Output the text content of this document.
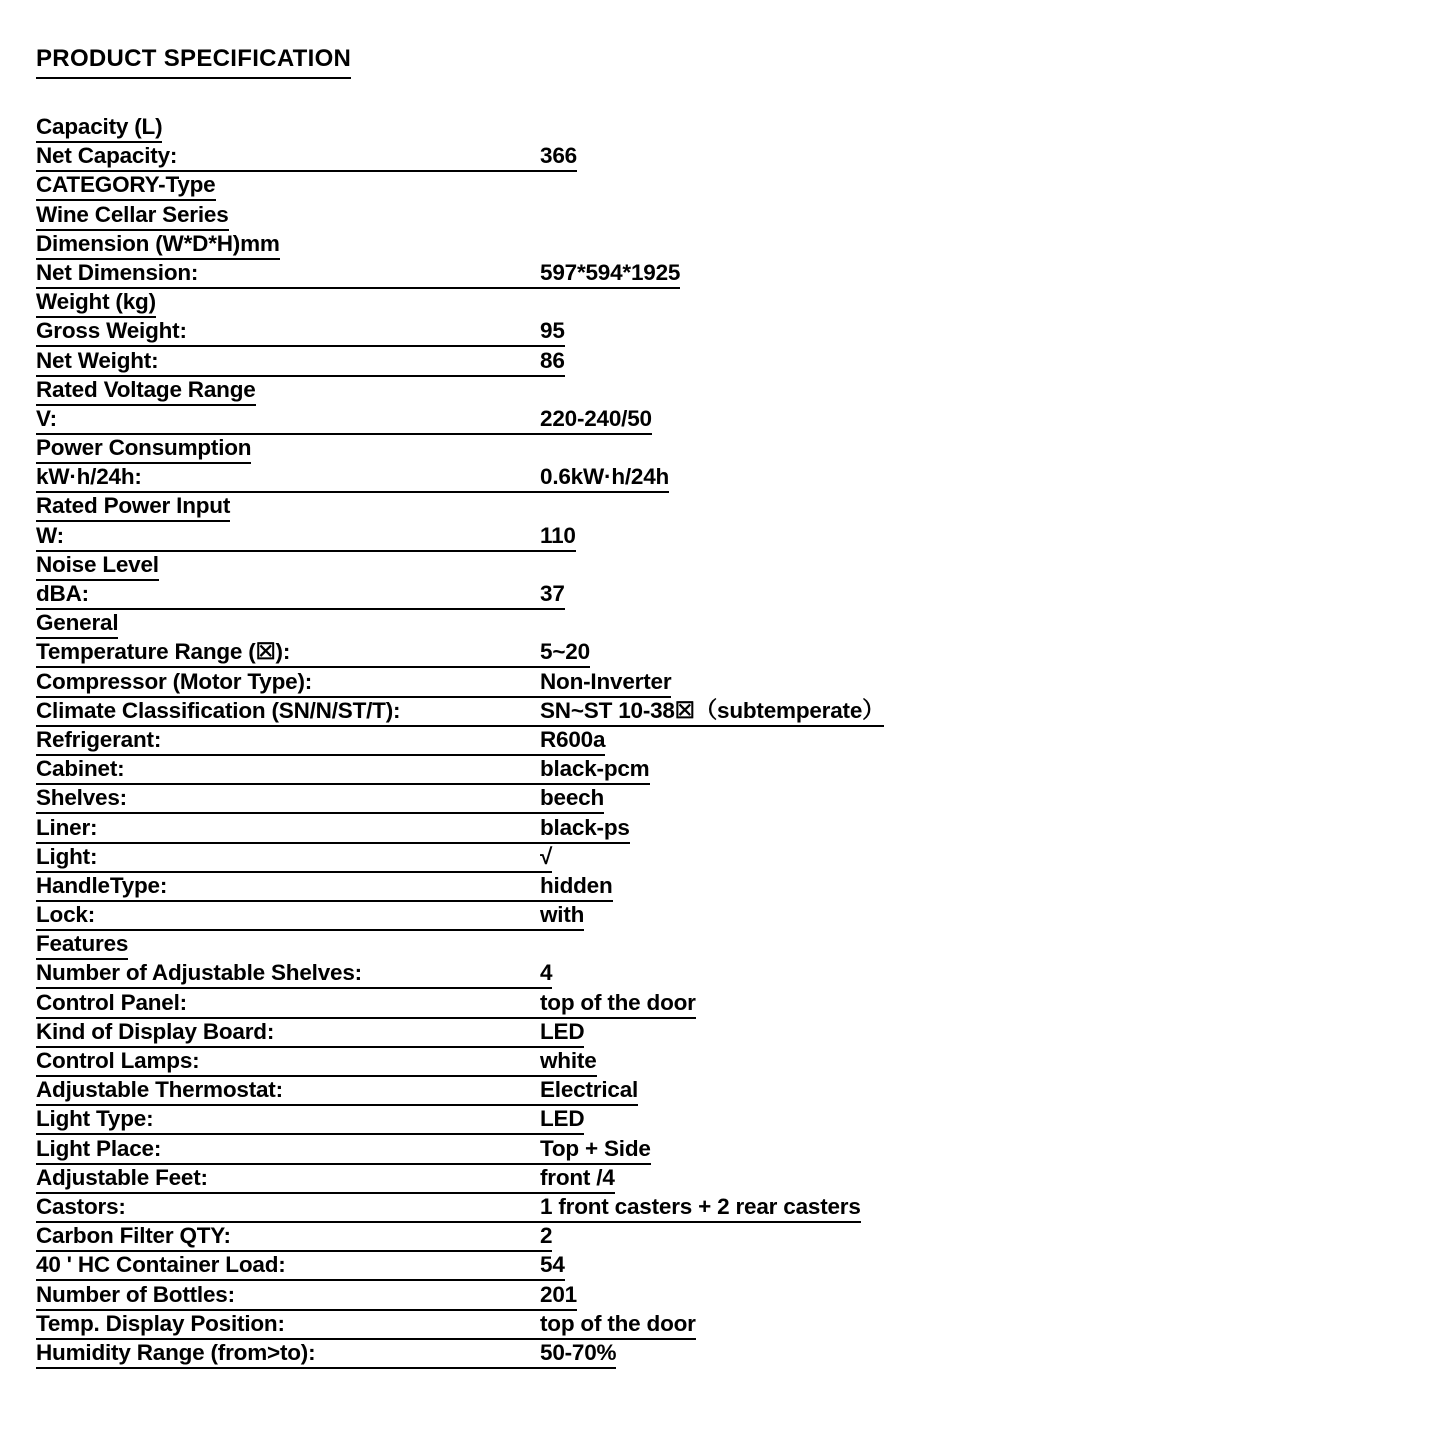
PRODUCT SPECIFICATION
Capacity (L)
Net Capacity:	366
CATEGORY-Type
Wine Cellar Series
Dimension (W*D*H)mm
Net Dimension:	597*594*1925
Weight (kg)
Gross Weight:	95
Net Weight:	86
Rated Voltage Range
V:	220-240/50
Power Consumption
kW·h/24h:	0.6kW·h/24h
Rated Power Input
W:	110
Noise Level
dBA:	37
General
Temperature Range (☒):	5~20
Compressor (Motor Type):	Non-Inverter
Climate Classification (SN/N/ST/T):	SN~ST 10-38☒（subtemperate）
Refrigerant:	R600a
Cabinet:	black-pcm
Shelves:	beech
Liner:	black-ps
Light:	√
HandleType:	hidden
Lock:	with
Features
Number of Adjustable Shelves:	4
Control Panel:	top of the door
Kind of Display Board:	LED
Control Lamps:	white
Adjustable Thermostat:	Electrical
Light Type:	LED
Light Place:	Top + Side
Adjustable Feet:	front /4
Castors:	1 front casters + 2 rear casters
Carbon Filter QTY:	2
40 ' HC Container Load:	54
Number of Bottles:	201
Temp. Display Position:	top of the door
Humidity Range (from>to):	50-70%
